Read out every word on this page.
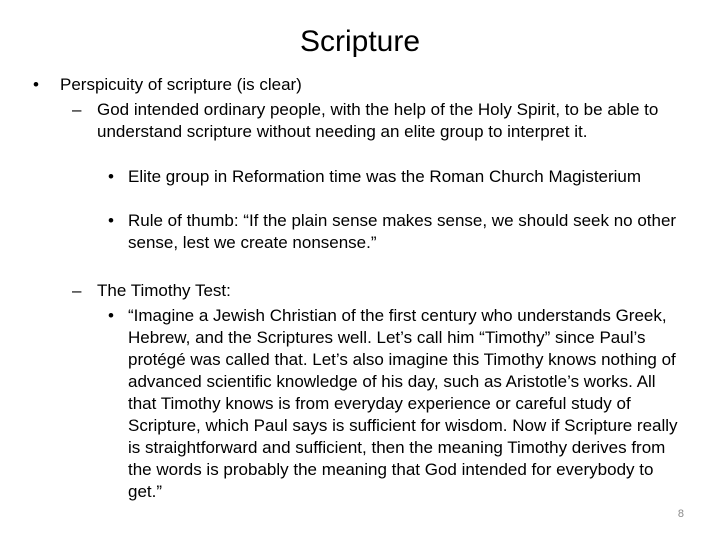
Scripture
• Perspicuity of scripture (is clear)
– God intended ordinary people, with the help of the Holy Spirit, to be able to understand scripture without needing an elite group to interpret it.
• Elite group in Reformation time was the Roman Church Magisterium
• Rule of thumb: “If the plain sense makes sense, we should seek no other sense, lest we create nonsense.”
– The Timothy Test:
• “Imagine a Jewish Christian of the first century who understands Greek, Hebrew, and the Scriptures well. Let’s call him “Timothy” since Paul’s protégé was called that. Let’s also imagine this Timothy knows nothing of advanced scientific knowledge of his day, such as Aristotle’s works. All that Timothy knows is from everyday experience or careful study of Scripture, which Paul says is sufficient for wisdom. Now if Scripture really is straightforward and sufficient, then the meaning Timothy derives from the words is probably the meaning that God intended for everybody to get.”
8
